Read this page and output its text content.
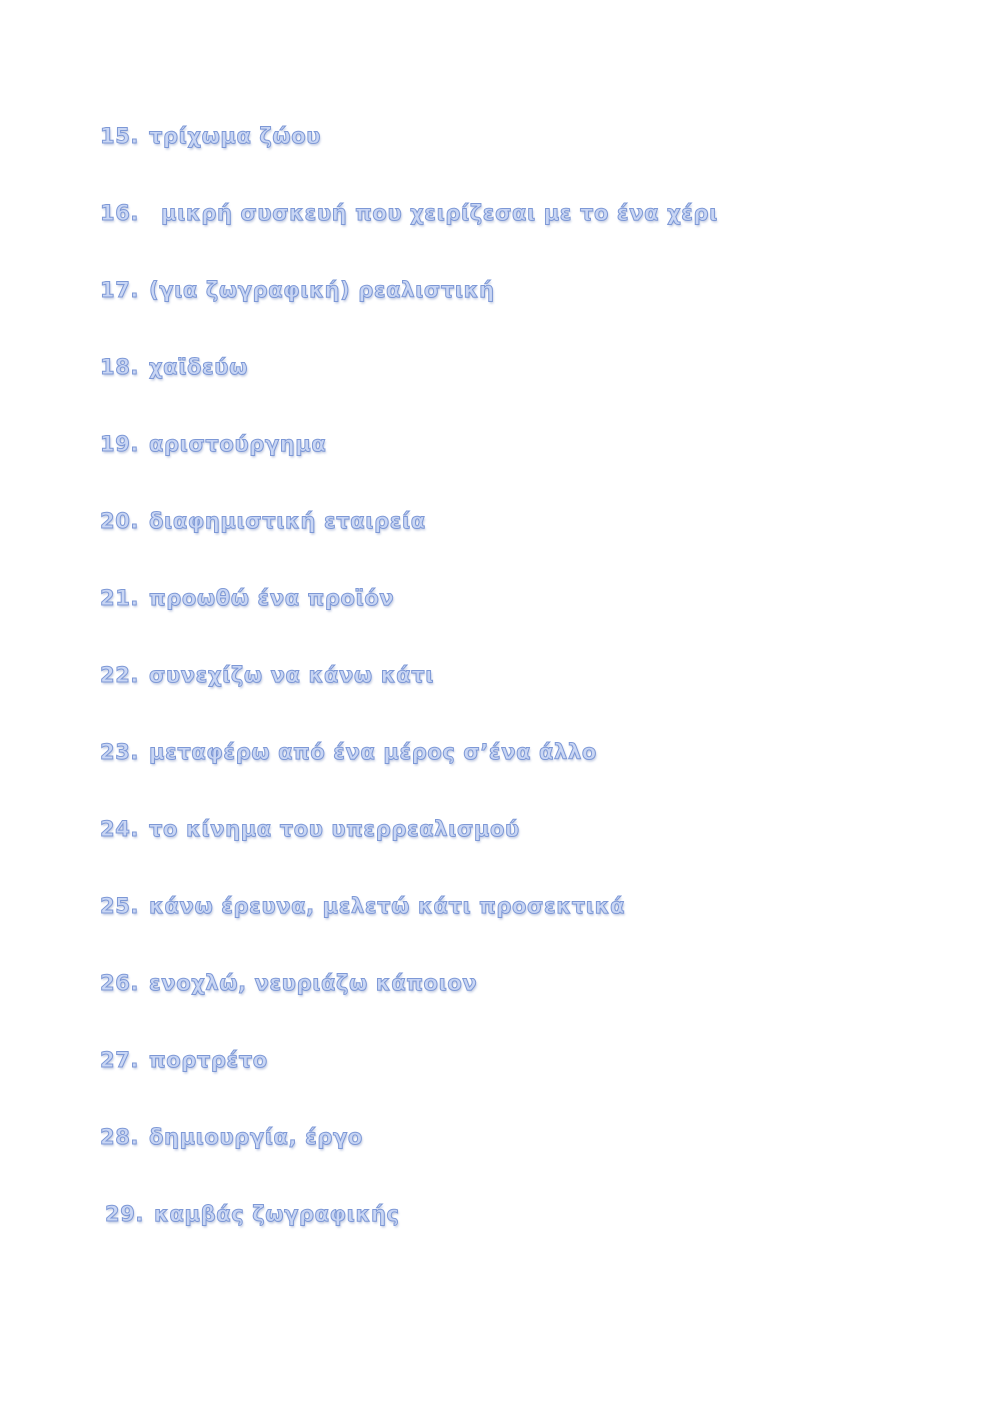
15. τρίχωμα ζώου
16. μικρή συσκευή που χειρίζεσαι με το ένα χέρι
17. (για ζωγραφική) ρεαλιστική
18. χαϊδεύω
19. αριστούργημα
20. διαφημιστική εταιρεία
21. προωθώ ένα προϊόν
22. συνεχίζω να κάνω κάτι
23. μεταφέρω από ένα μέρος σ’ένα άλλο
24. το κίνημα του υπερρεαλισμού
25. κάνω έρευνα, μελετώ κάτι προσεκτικά
26. ενοχλώ, νευριάζω κάποιον
27. πορτρέτο
28. δημιουργία, έργο
29. καμβάς ζωγραφικής
